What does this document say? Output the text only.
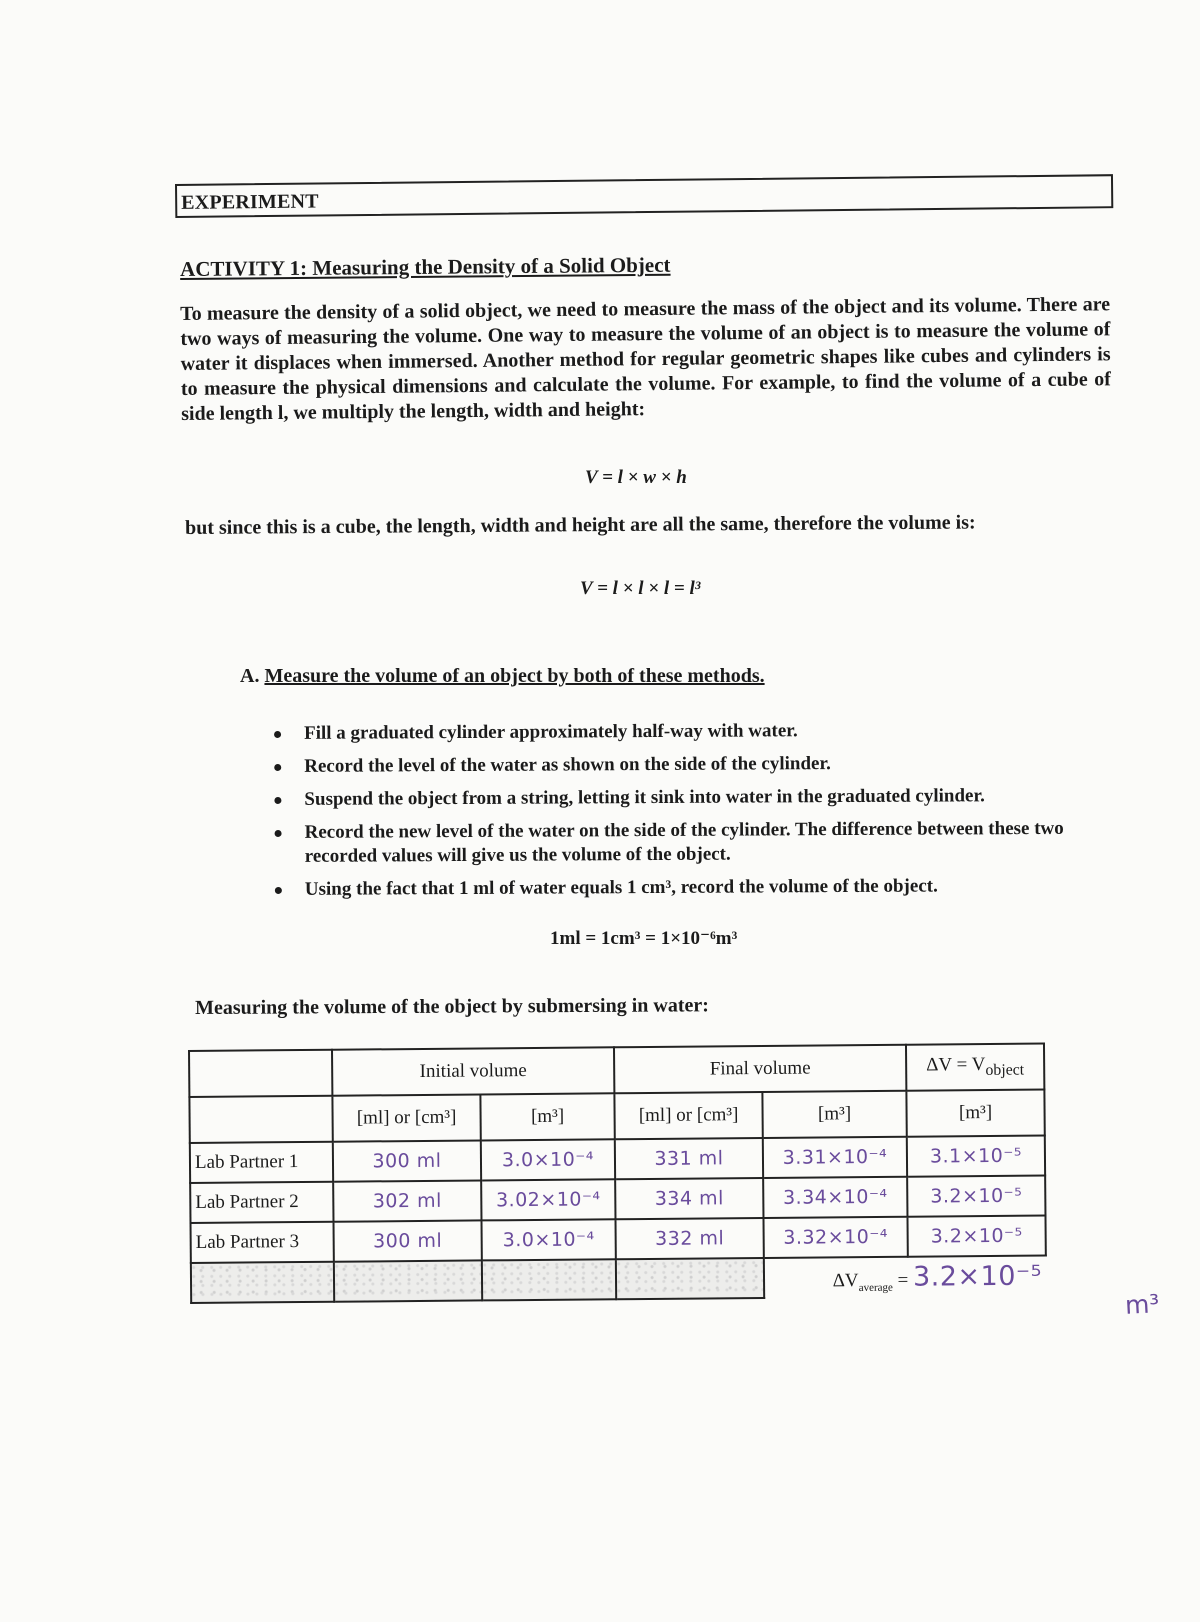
EXPERIMENT
ACTIVITY 1: Measuring the Density of a Solid Object
To measure the density of a solid object, we need to measure the mass of the object and its volume. There are two ways of measuring the volume. One way to measure the volume of an object is to measure the volume of water it displaces when immersed. Another method for regular geometric shapes like cubes and cylinders is to measure the physical dimensions and calculate the volume. For example, to find the volume of a cube of side length l, we multiply the length, width and height:
V = l × w × h
but since this is a cube, the length, width and height are all the same, therefore the volume is:
V = l × l × l = l³
A. Measure the volume of an object by both of these methods.
Fill a graduated cylinder approximately half-way with water.
Record the level of the water as shown on the side of the cylinder.
Suspend the object from a string, letting it sink into water in the graduated cylinder.
Record the new level of the water on the side of the cylinder. The difference between these two recorded values will give us the volume of the object.
Using the fact that 1 ml of water equals 1 cm³, record the volume of the object.
1ml = 1cm³ = 1×10⁻⁶m³
Measuring the volume of the object by submersing in water:
	Initial volume		Final volume		$\Delta V = V_{object}$
	[ml] or [cm³]	[m³]	[ml] or [cm³]	[m³]	[m³]
Lab Partner 1	300 ml	3.0×10⁻⁴	331 ml	3.31×10⁻⁴	3.1×10⁻⁵
Lab Partner 2	302 ml	3.02×10⁻⁴	334 ml	3.34×10⁻⁴	3.2×10⁻⁵
Lab Partner 3	300 ml	3.0×10⁻⁴	332 ml	3.32×10⁻⁴	3.2×10⁻⁵
				$\Delta V_{average} = 3.2\times 10^{-5}$	
m³
